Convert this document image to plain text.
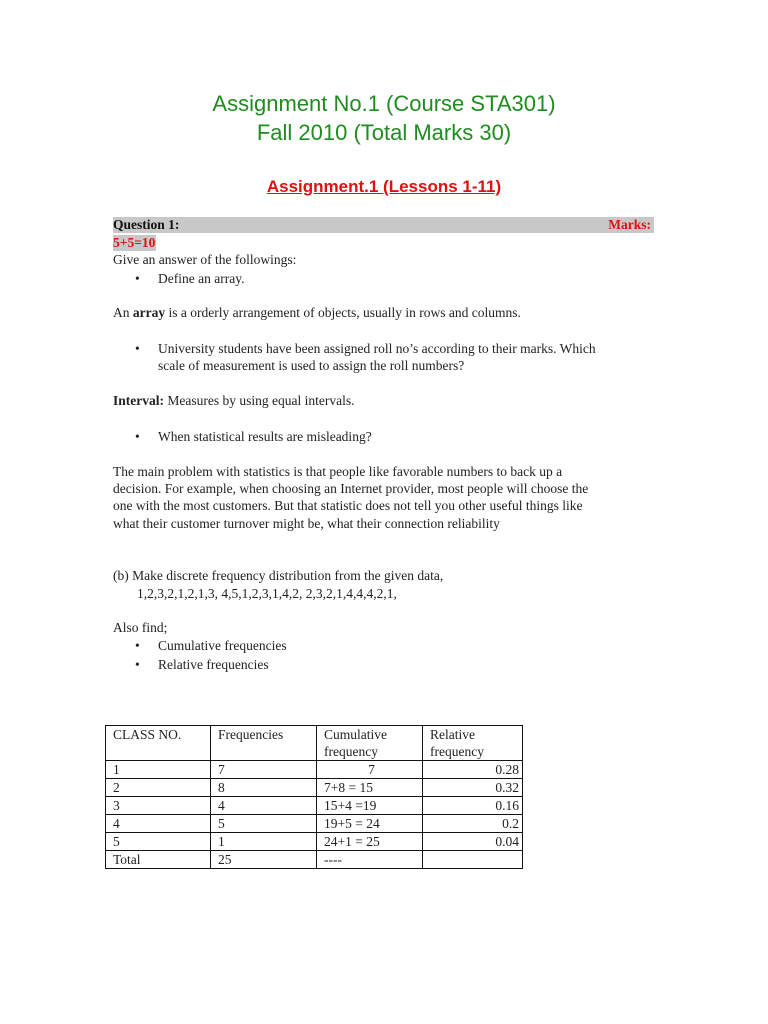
Assignment No.1 (Course STA301)
Fall 2010 (Total Marks 30)
Assignment.1 (Lessons 1-11)
Question 1:	Marks:
5+5=10
Give an answer of the followings:
• Define an array.
An array is a orderly arrangement of objects, usually in rows and columns.
• University students have been assigned roll no’s according to their marks. Which
scale of measurement is used to assign the roll numbers?
Interval: Measures by using equal intervals.
• When statistical results are misleading?
The main problem with statistics is that people like favorable numbers to back up a
decision. For example, when choosing an Internet provider, most people will choose the
one with the most customers. But that statistic does not tell you other useful things like
what their customer turnover might be, what their connection reliability
(b) Make discrete frequency distribution from the given data,
1,2,3,2,1,2,1,3, 4,5,1,2,3,1,4,2, 2,3,2,1,4,4,4,2,1,
Also find;
• Cumulative frequencies
• Relative frequencies
CLASS NO.	Frequencies	Cumulative frequency	Relative frequency
1	7	7	0.28
2	8	7+8 = 15	0.32
3	4	15+4 =19	0.16
4	5	19+5 = 24	0.2
5	1	24+1 = 25	0.04
Total	25	----	
